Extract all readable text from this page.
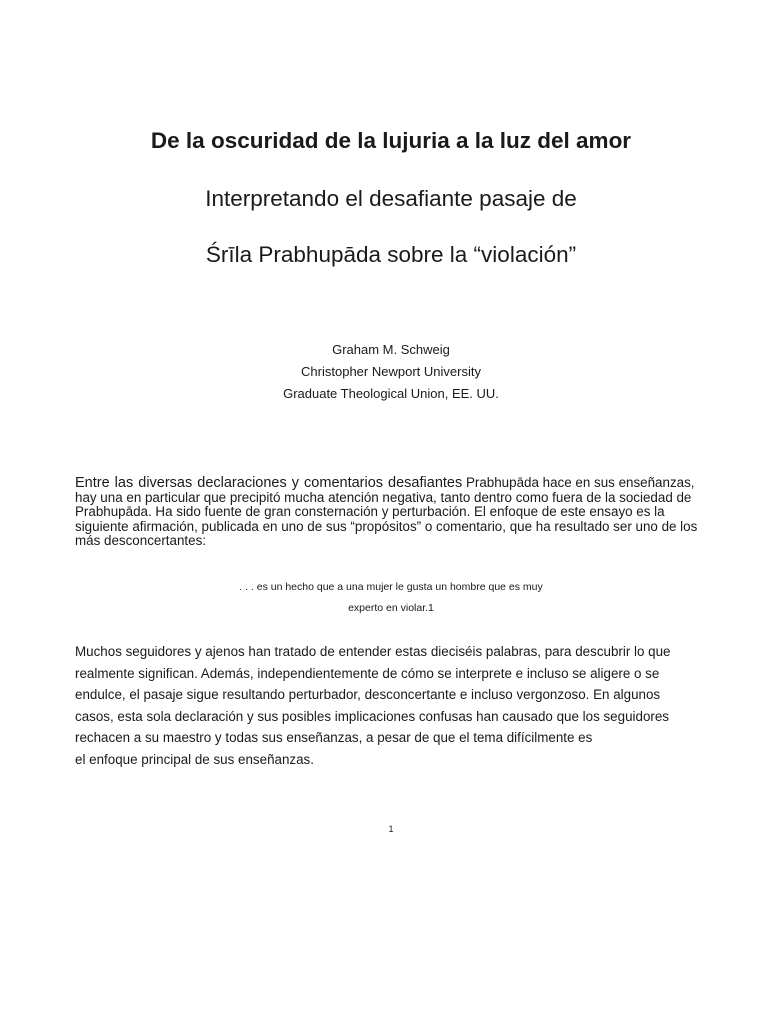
De la oscuridad de la lujuria a la luz del amor
Interpretando el desafiante pasaje de
Śrīla Prabhupāda sobre la “violación”

Graham M. Schweig

Christopher Newport University

Graduate Theological Union, EE. UU.

Entre las diversas declaraciones y comentarios desafiantes Prabhupāda hace en sus enseñanzas, hay una en particular que precipitó mucha atención negativa, tanto dentro como fuera de la sociedad de Prabhupāda. Ha sido fuente de gran consternación y perturbación. El enfoque de este ensayo es la siguiente afirmación, publicada en uno de sus “propósitos” o comentario, que ha resultado ser uno de los más desconcertantes:

. . . es un hecho que a una mujer le gusta un hombre que es muy

experto en violar.1

Muchos seguidores y ajenos han tratado de entender estas dieciséis palabras, para descubrir lo que
realmente significan. Además, independientemente de cómo se interprete e incluso se aligere o se
endulce, el pasaje sigue resultando perturbador, desconcertante e incluso vergonzoso. En algunos
casos, esta sola declaración y sus posibles implicaciones confusas han causado que los seguidores
rechacen a su maestro y todas sus enseñanzas, a pesar de que el tema difícilmente es
el enfoque principal de sus enseñanzas.

1
